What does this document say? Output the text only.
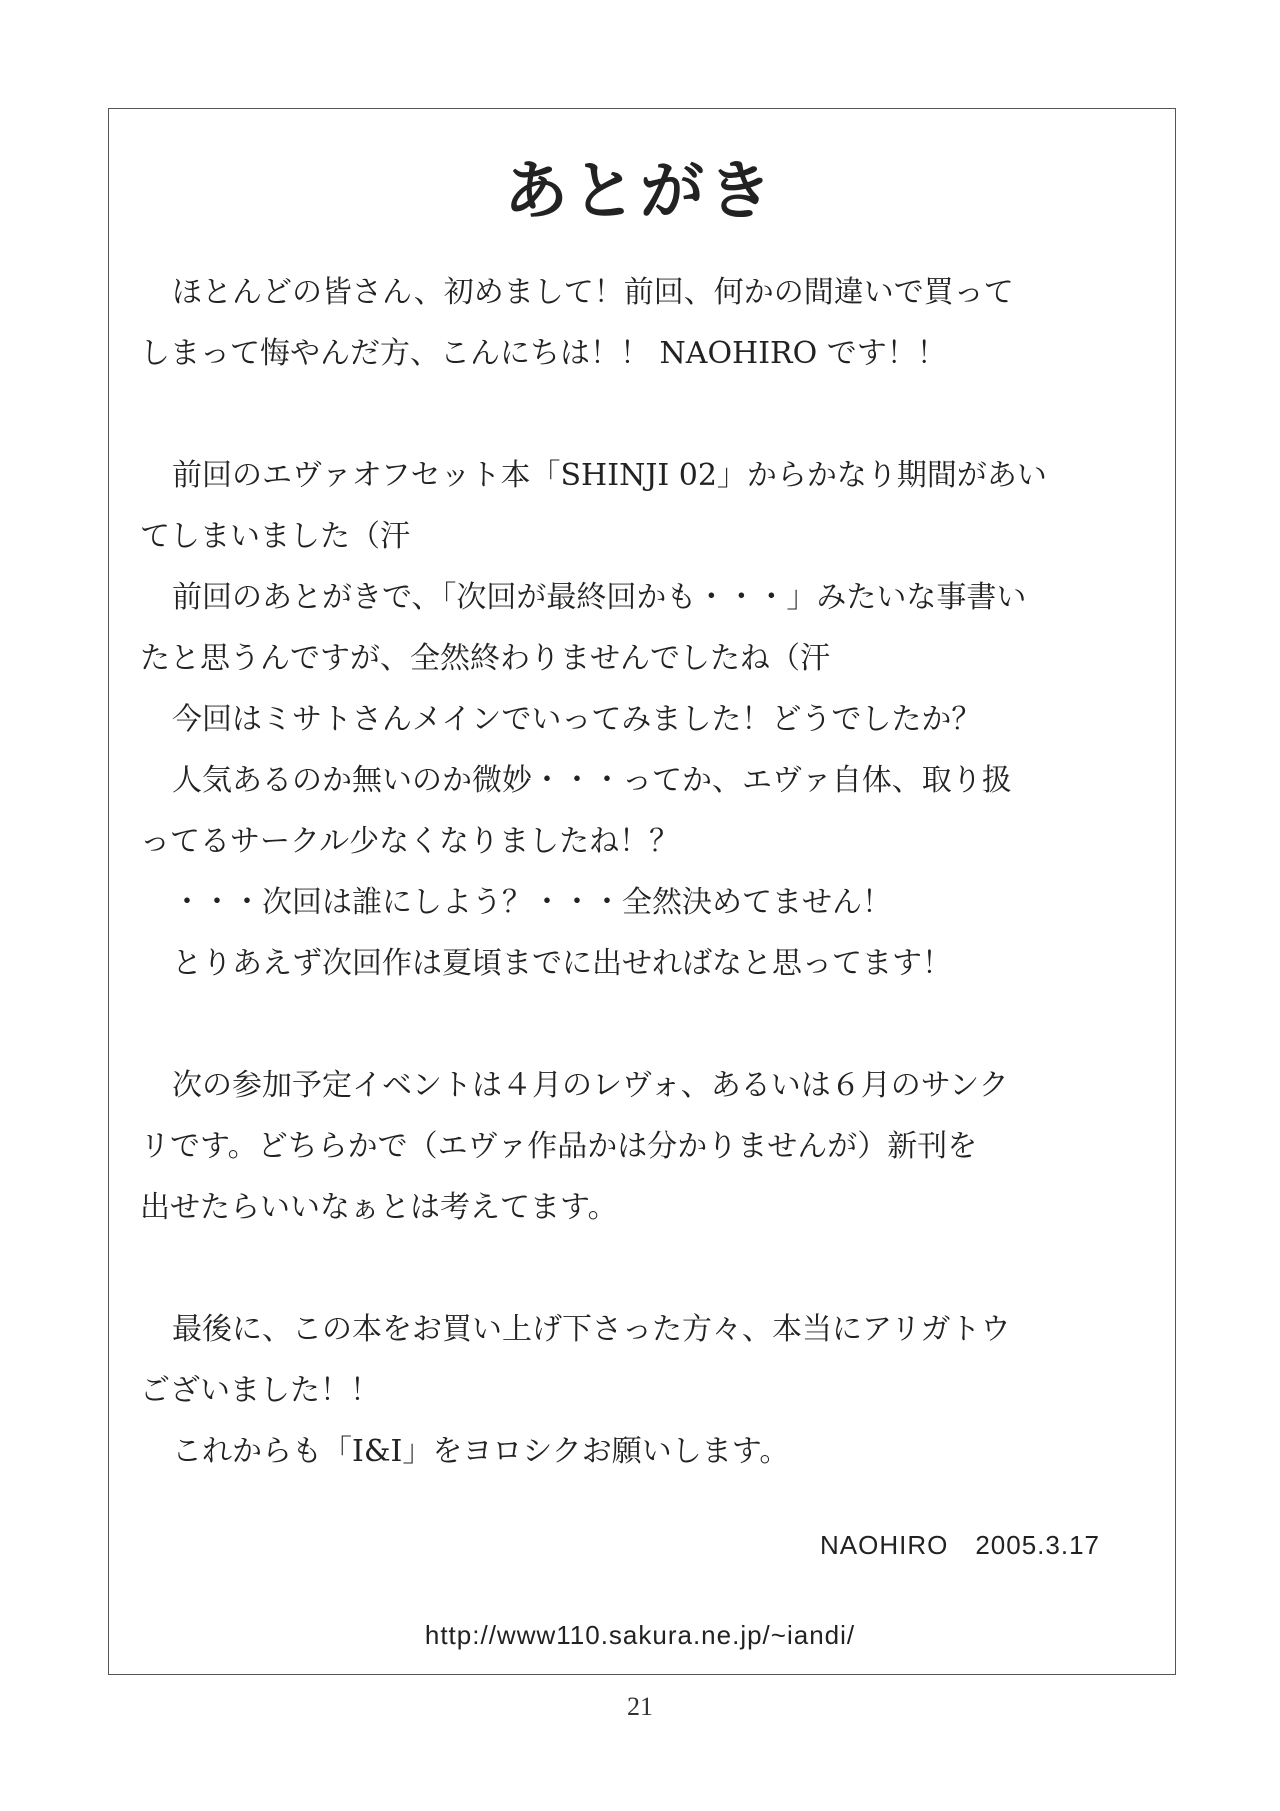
あとがき
ほとんどの皆さん、初めまして！前回、何かの間違いで買って
しまって悔やんだ方、こんにちは！！ NAOHIRO です！！
前回のエヴァオフセット本「SHINJI 02」からかなり期間があい
てしまいました（汗
前回のあとがきで、「次回が最終回かも・・・」みたいな事書い
たと思うんですが、全然終わりませんでしたね（汗
今回はミサトさんメインでいってみました！どうでしたか？
人気あるのか無いのか微妙・・・ってか、エヴァ自体、取り扱
ってるサークル少なくなりましたね！？
・・・次回は誰にしよう？・・・全然決めてません！
とりあえず次回作は夏頃までに出せればなと思ってます！
次の参加予定イベントは４月のレヴォ、あるいは６月のサンク
リです。どちらかで（エヴァ作品かは分かりませんが）新刊を
出せたらいいなぁとは考えてます。
最後に、この本をお買い上げ下さった方々、本当にアリガトウ
ございました！！
これからも「I&I」をヨロシクお願いします。
NAOHIRO　2005.3.17
http://www110.sakura.ne.jp/~iandi/
21
